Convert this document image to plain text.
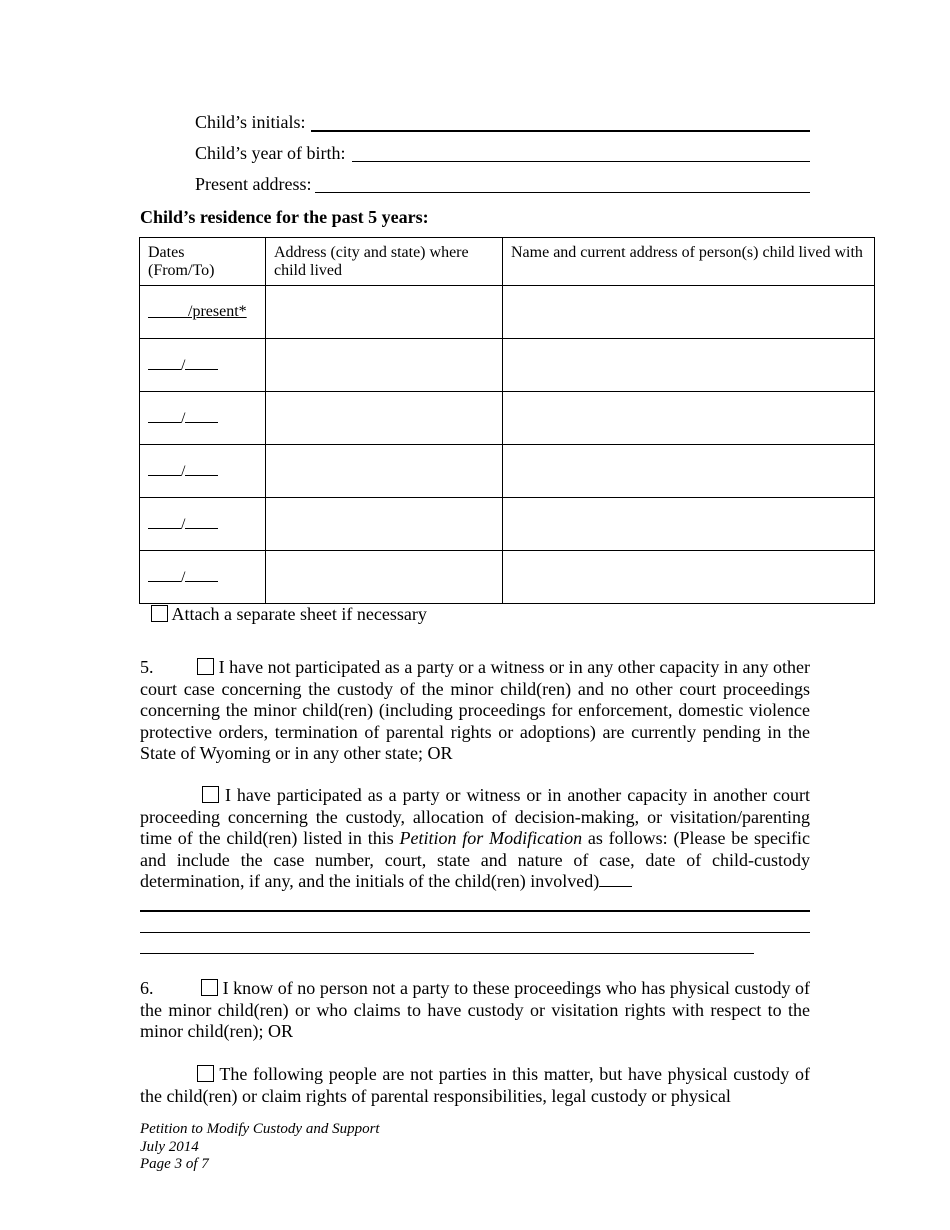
Child’s initials:
Child’s year of birth:
Present address:
Child’s residence for the past 5 years:
Dates (From/To)	Address (city and state) where child lived	Name and current address of person(s) child lived with
/present*		
/		
/		
/		
/		
/		
Attach a separate sheet if necessary
5.	I have not participated as a party or a witness or in any other capacity in any other court case concerning the custody of the minor child(ren) and no other court proceedings concerning the minor child(ren) (including proceedings for enforcement, domestic violence protective orders, termination of parental rights or adoptions) are currently pending in the State of Wyoming or in any other state; OR
I have participated as a party or witness or in another capacity in another court proceeding concerning the custody, allocation of decision-making, or visitation/parenting time of the child(ren) listed in this Petition for Modification as follows: (Please be specific and include the case number, court, state and nature of case, date of child-custody determination, if any, and the initials of the child(ren) involved)
6.	I know of no person not a party to these proceedings who has physical custody of the minor child(ren) or who claims to have custody or visitation rights with respect to the minor child(ren); OR
The following people are not parties in this matter, but have physical custody of the child(ren) or claim rights of parental responsibilities, legal custody or physical
Petition to Modify Custody and Support
July 2014
Page 3 of 7
